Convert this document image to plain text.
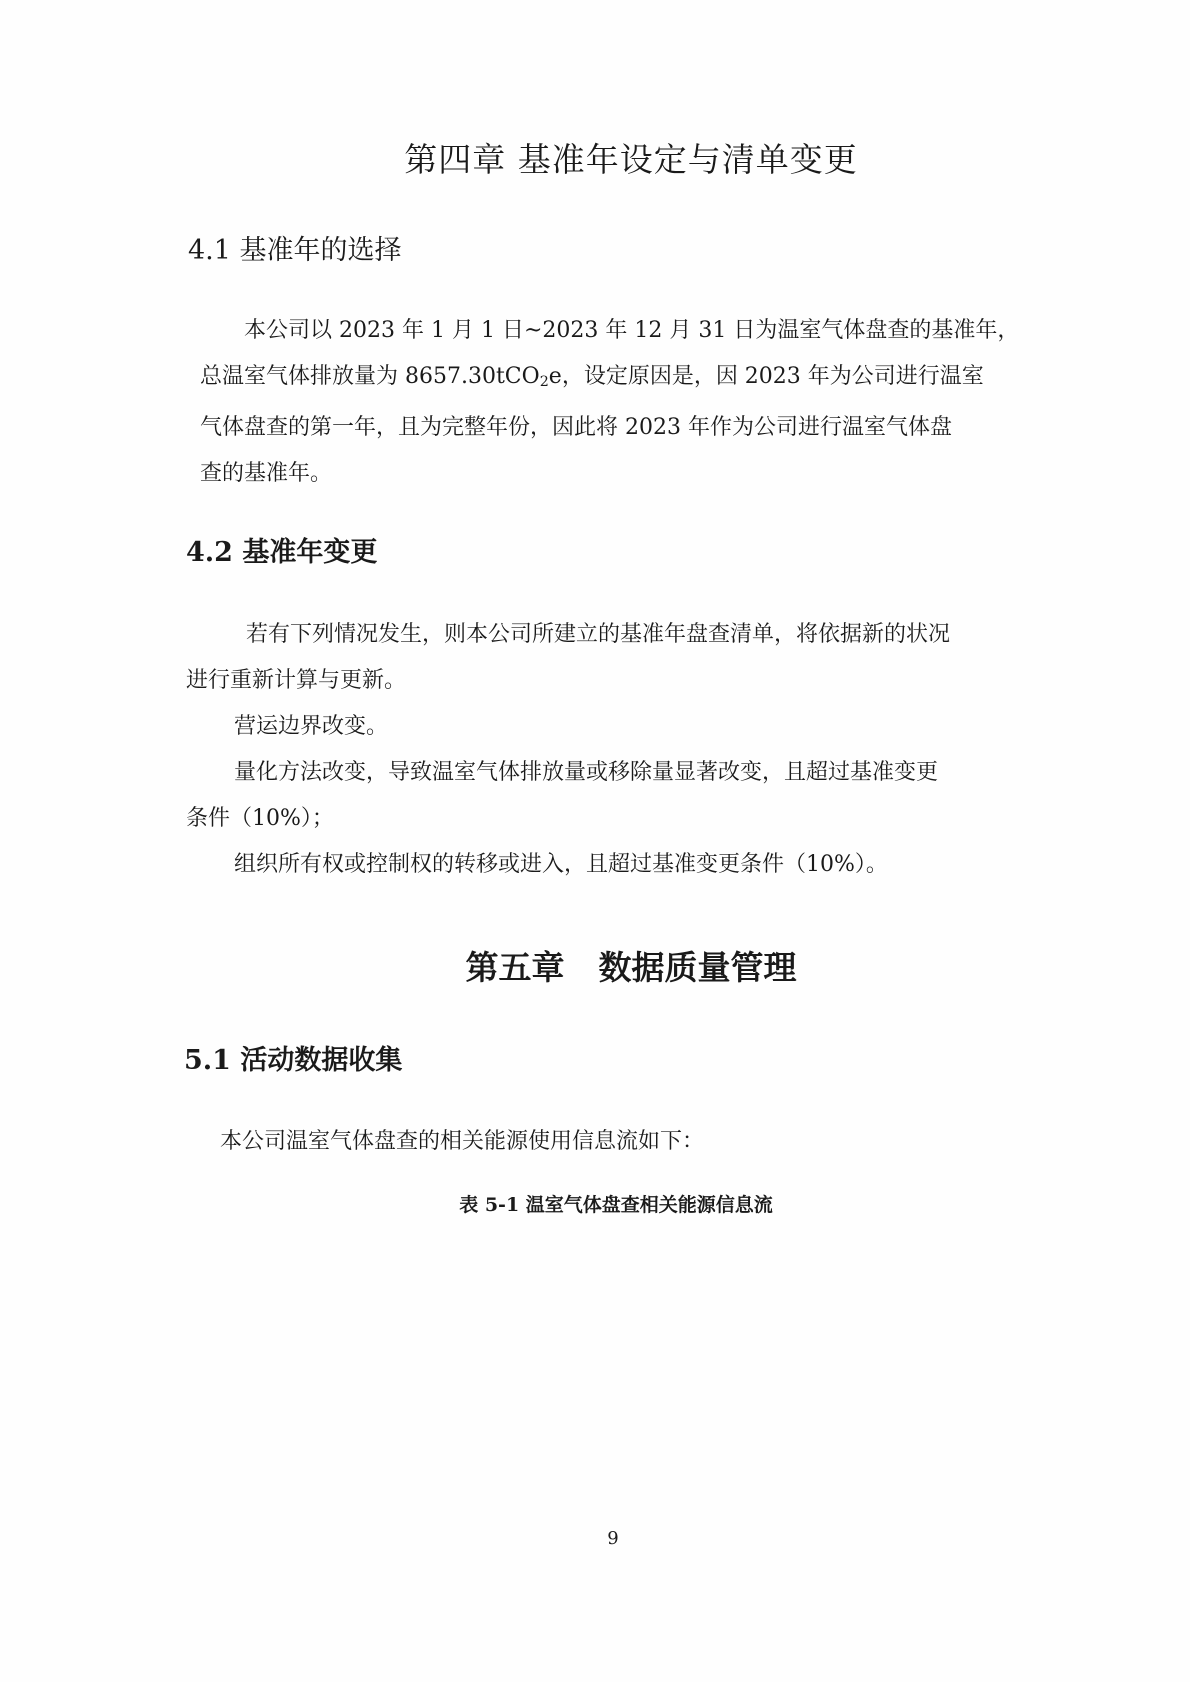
第四章 基准年设定与清单变更
4.1 基准年的选择
本公司以 2023 年 1 月 1 日~2023 年 12 月 31 日为温室气体盘查的基准年，
总温室气体排放量为 8657.30tCO$_2$e，设定原因是，因 2023 年为公司进行温室
气体盘查的第一年，且为完整年份，因此将 2023 年作为公司进行温室气体盘
查的基准年。
4.2 基准年变更
若有下列情况发生，则本公司所建立的基准年盘查清单，将依据新的状况
进行重新计算与更新。
营运边界改变。
量化方法改变，导致温室气体排放量或移除量显著改变，且超过基准变更
条件（10%）；
组织所有权或控制权的转移或进入，且超过基准变更条件（10%）。
第五章 数据质量管理
5.1 活动数据收集
本公司温室气体盘查的相关能源使用信息流如下：
表 5-1 温室气体盘查相关能源信息流
9
